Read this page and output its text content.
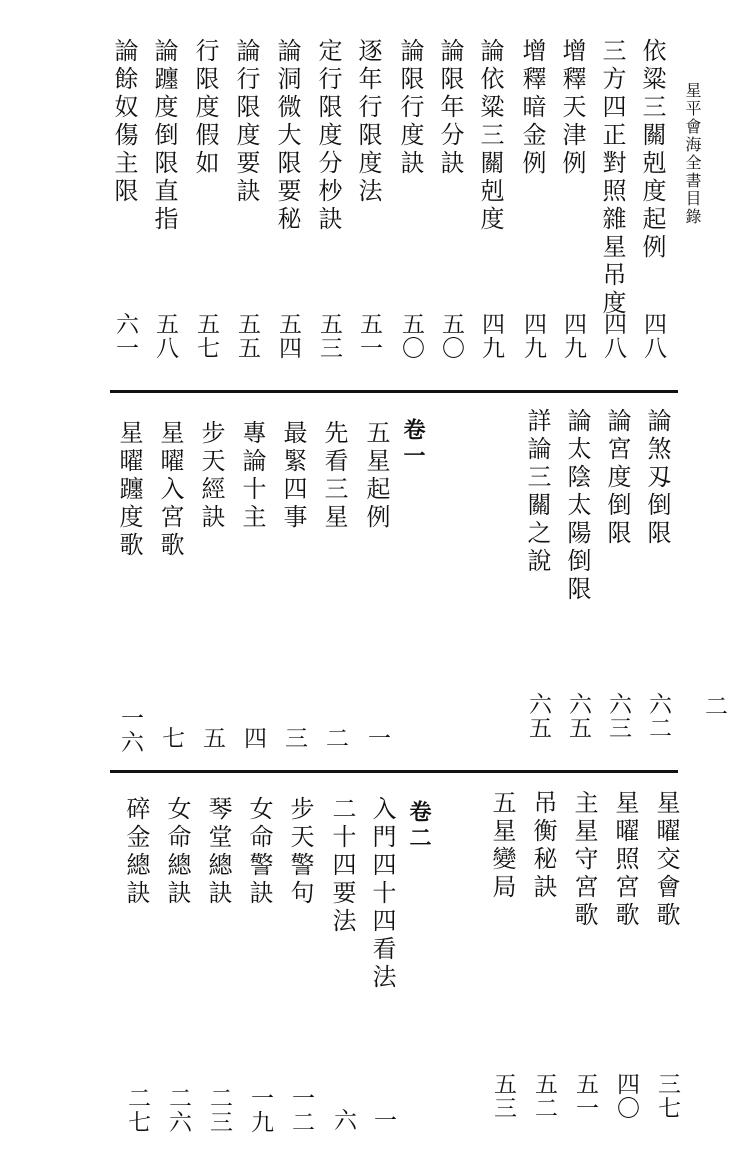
星平會海全書目錄
依粱三關剋度起例
四八
三方四正對照雜星吊度
四八
增釋天津例
四九
增釋暗金例
四九
論依粱三關剋度
四九
論限年分訣
五〇
論限行度訣
五〇
逐年行限度法
五一
定行限度分杪訣
五三
論洞微大限要秘
五四
論行限度要訣
五五
行限度假如
五七
論躔度倒限直指
五八
論餘奴傷主限
六一
論煞刄倒限
六二
論宮度倒限
六三
論太陰太陽倒限
六五
詳論三關之說
六五
卷一
五星起例
一
先看三星
二
最緊四事
三
專論十主
四
步天經訣
五
星曜入宮歌
七
星曜躔度歌
一六	二
星曜交會歌
三七
星曜照宮歌
四〇
主星守宮歌
五一
吊衡秘訣
五二
五星變局
五三
卷二
入門四十四看法
一
二十四要法
六
步天警句
一二
女命警訣
一九
琴堂總訣
二三
女命總訣
二六
碎金總訣
二七
